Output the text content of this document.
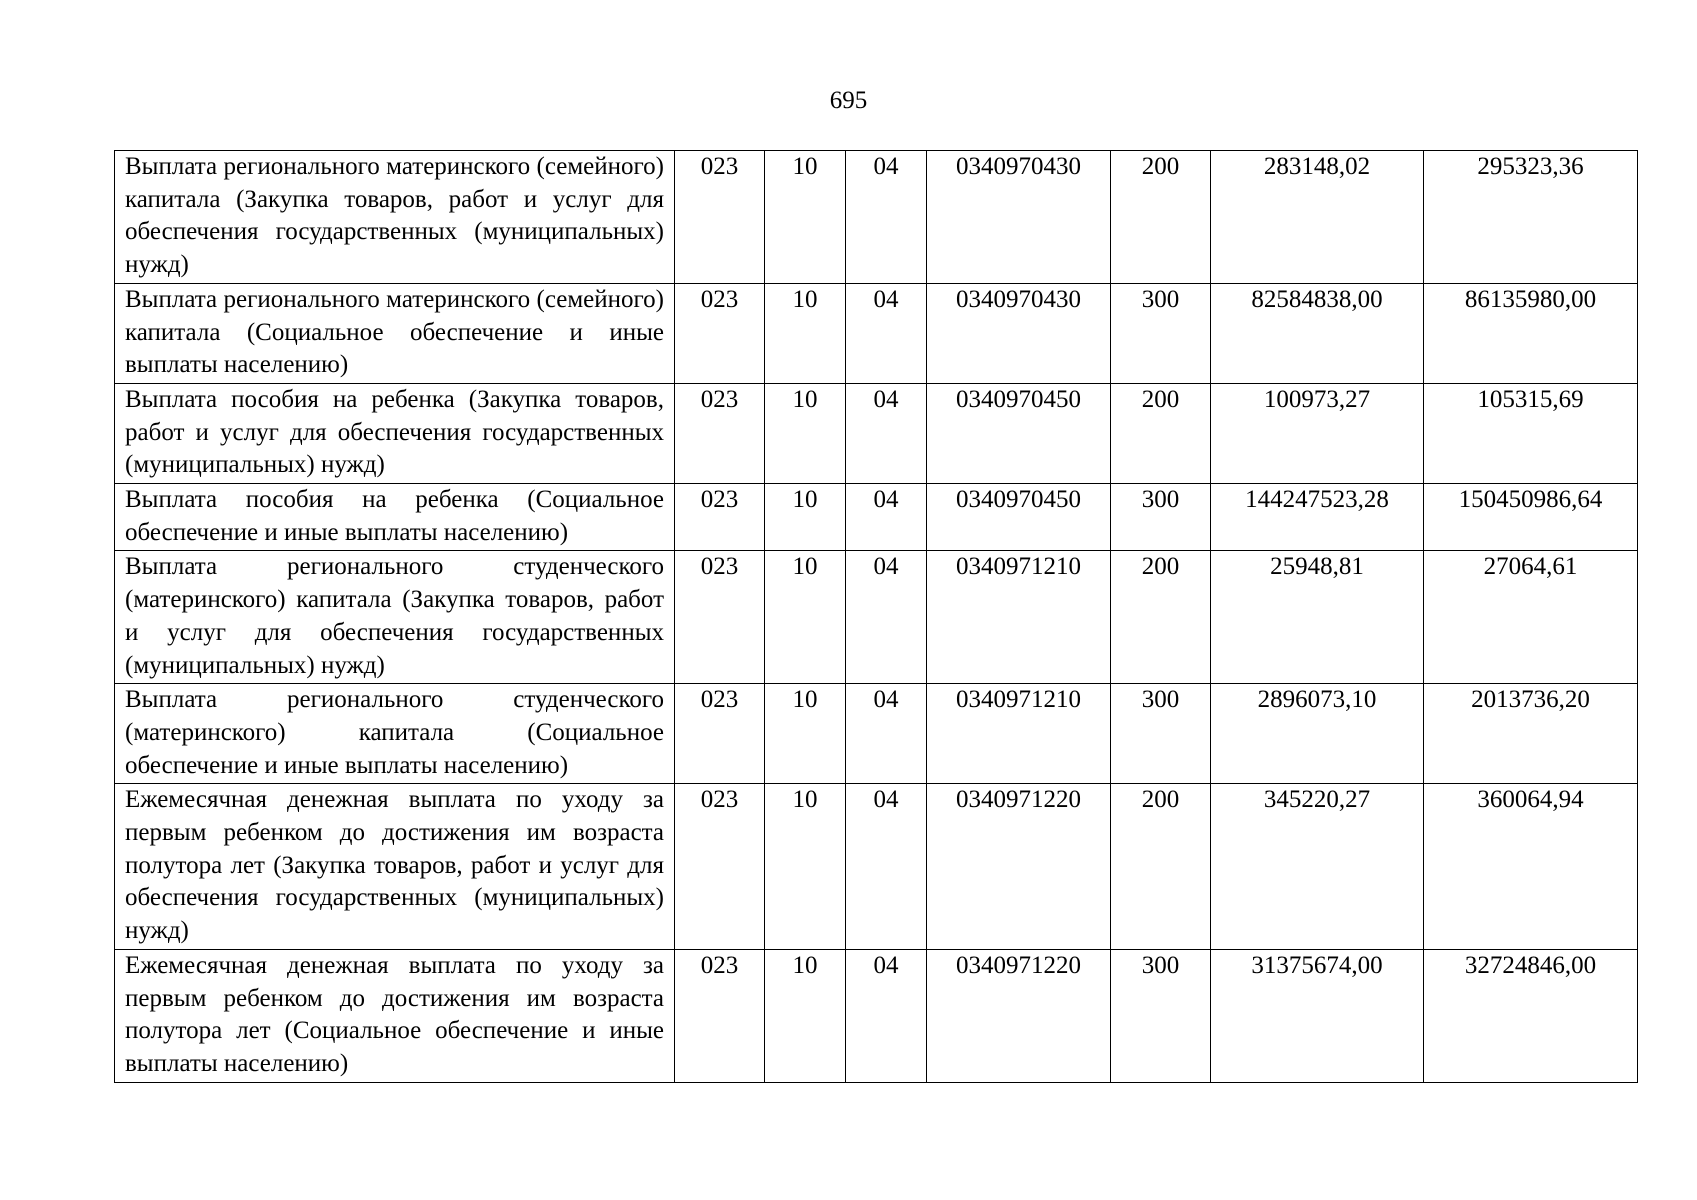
695
Выплата регионального материнского (семейного) капитала (Закупка товаров, работ и услуг для обеспечения государственных (муниципальных) нужд)	023	10	04	0340970430	200	283148,02	295323,36
Выплата регионального материнского (семейного) капитала (Социальное обеспечение и иные выплаты населению)	023	10	04	0340970430	300	82584838,00	86135980,00
Выплата пособия на ребенка (Закупка товаров, работ и услуг для обеспечения государственных (муниципальных) нужд)	023	10	04	0340970450	200	100973,27	105315,69
Выплата пособия на ребенка (Социальное обеспечение и иные выплаты населению)	023	10	04	0340970450	300	144247523,28	150450986,64
Выплата регионального студенческого (материнского) капитала (Закупка товаров, работ и услуг для обеспечения государственных (муниципальных) нужд)	023	10	04	0340971210	200	25948,81	27064,61
Выплата регионального студенческого (материнского) капитала (Социальное обеспечение и иные выплаты населению)	023	10	04	0340971210	300	2896073,10	2013736,20
Ежемесячная денежная выплата по уходу за первым ребенком до достижения им возраста полутора лет (Закупка товаров, работ и услуг для обеспечения государственных (муниципальных) нужд)	023	10	04	0340971220	200	345220,27	360064,94
Ежемесячная денежная выплата по уходу за первым ребенком до достижения им возраста полутора лет (Социальное обеспечение и иные выплаты населению)	023	10	04	0340971220	300	31375674,00	32724846,00
